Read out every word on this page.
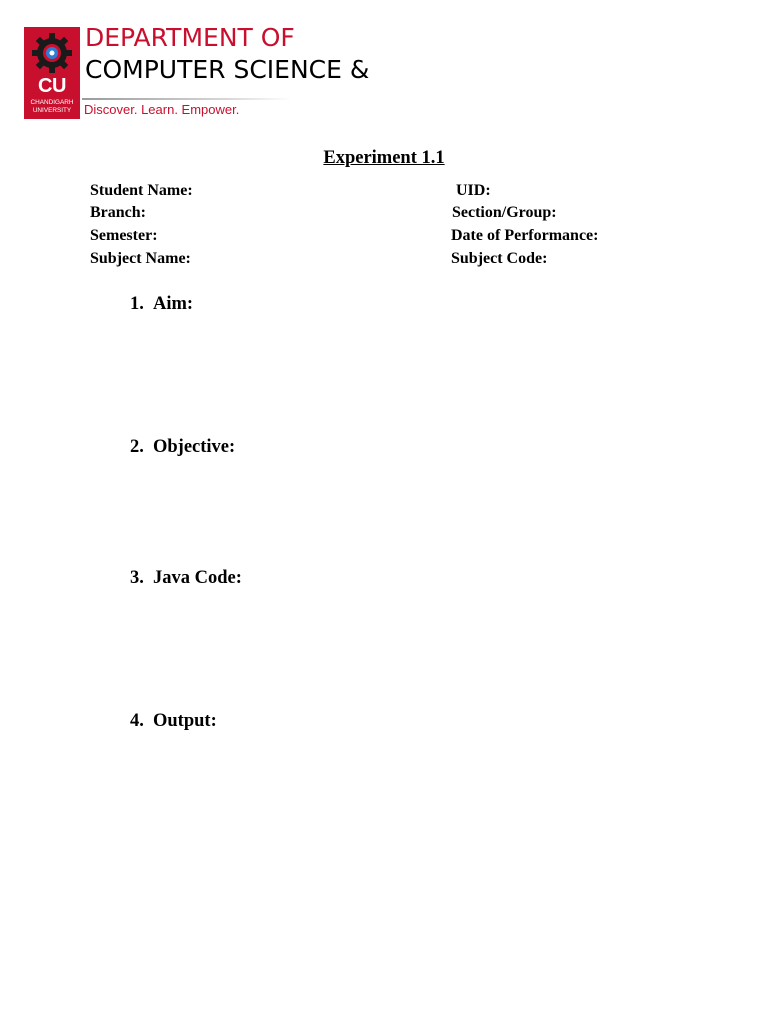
CU
CHANDIGARH
UNIVERSITY
DEPARTMENT OF
COMPUTER SCIENCE &
Discover. Learn. Empower.
Experiment 1.1
Student Name:
Branch:
Semester:
Subject Name:
UID:
Section/Group:
Date of Performance:
Subject Code:
1. Aim:
2. Objective:
3. Java Code:
4. Output:
